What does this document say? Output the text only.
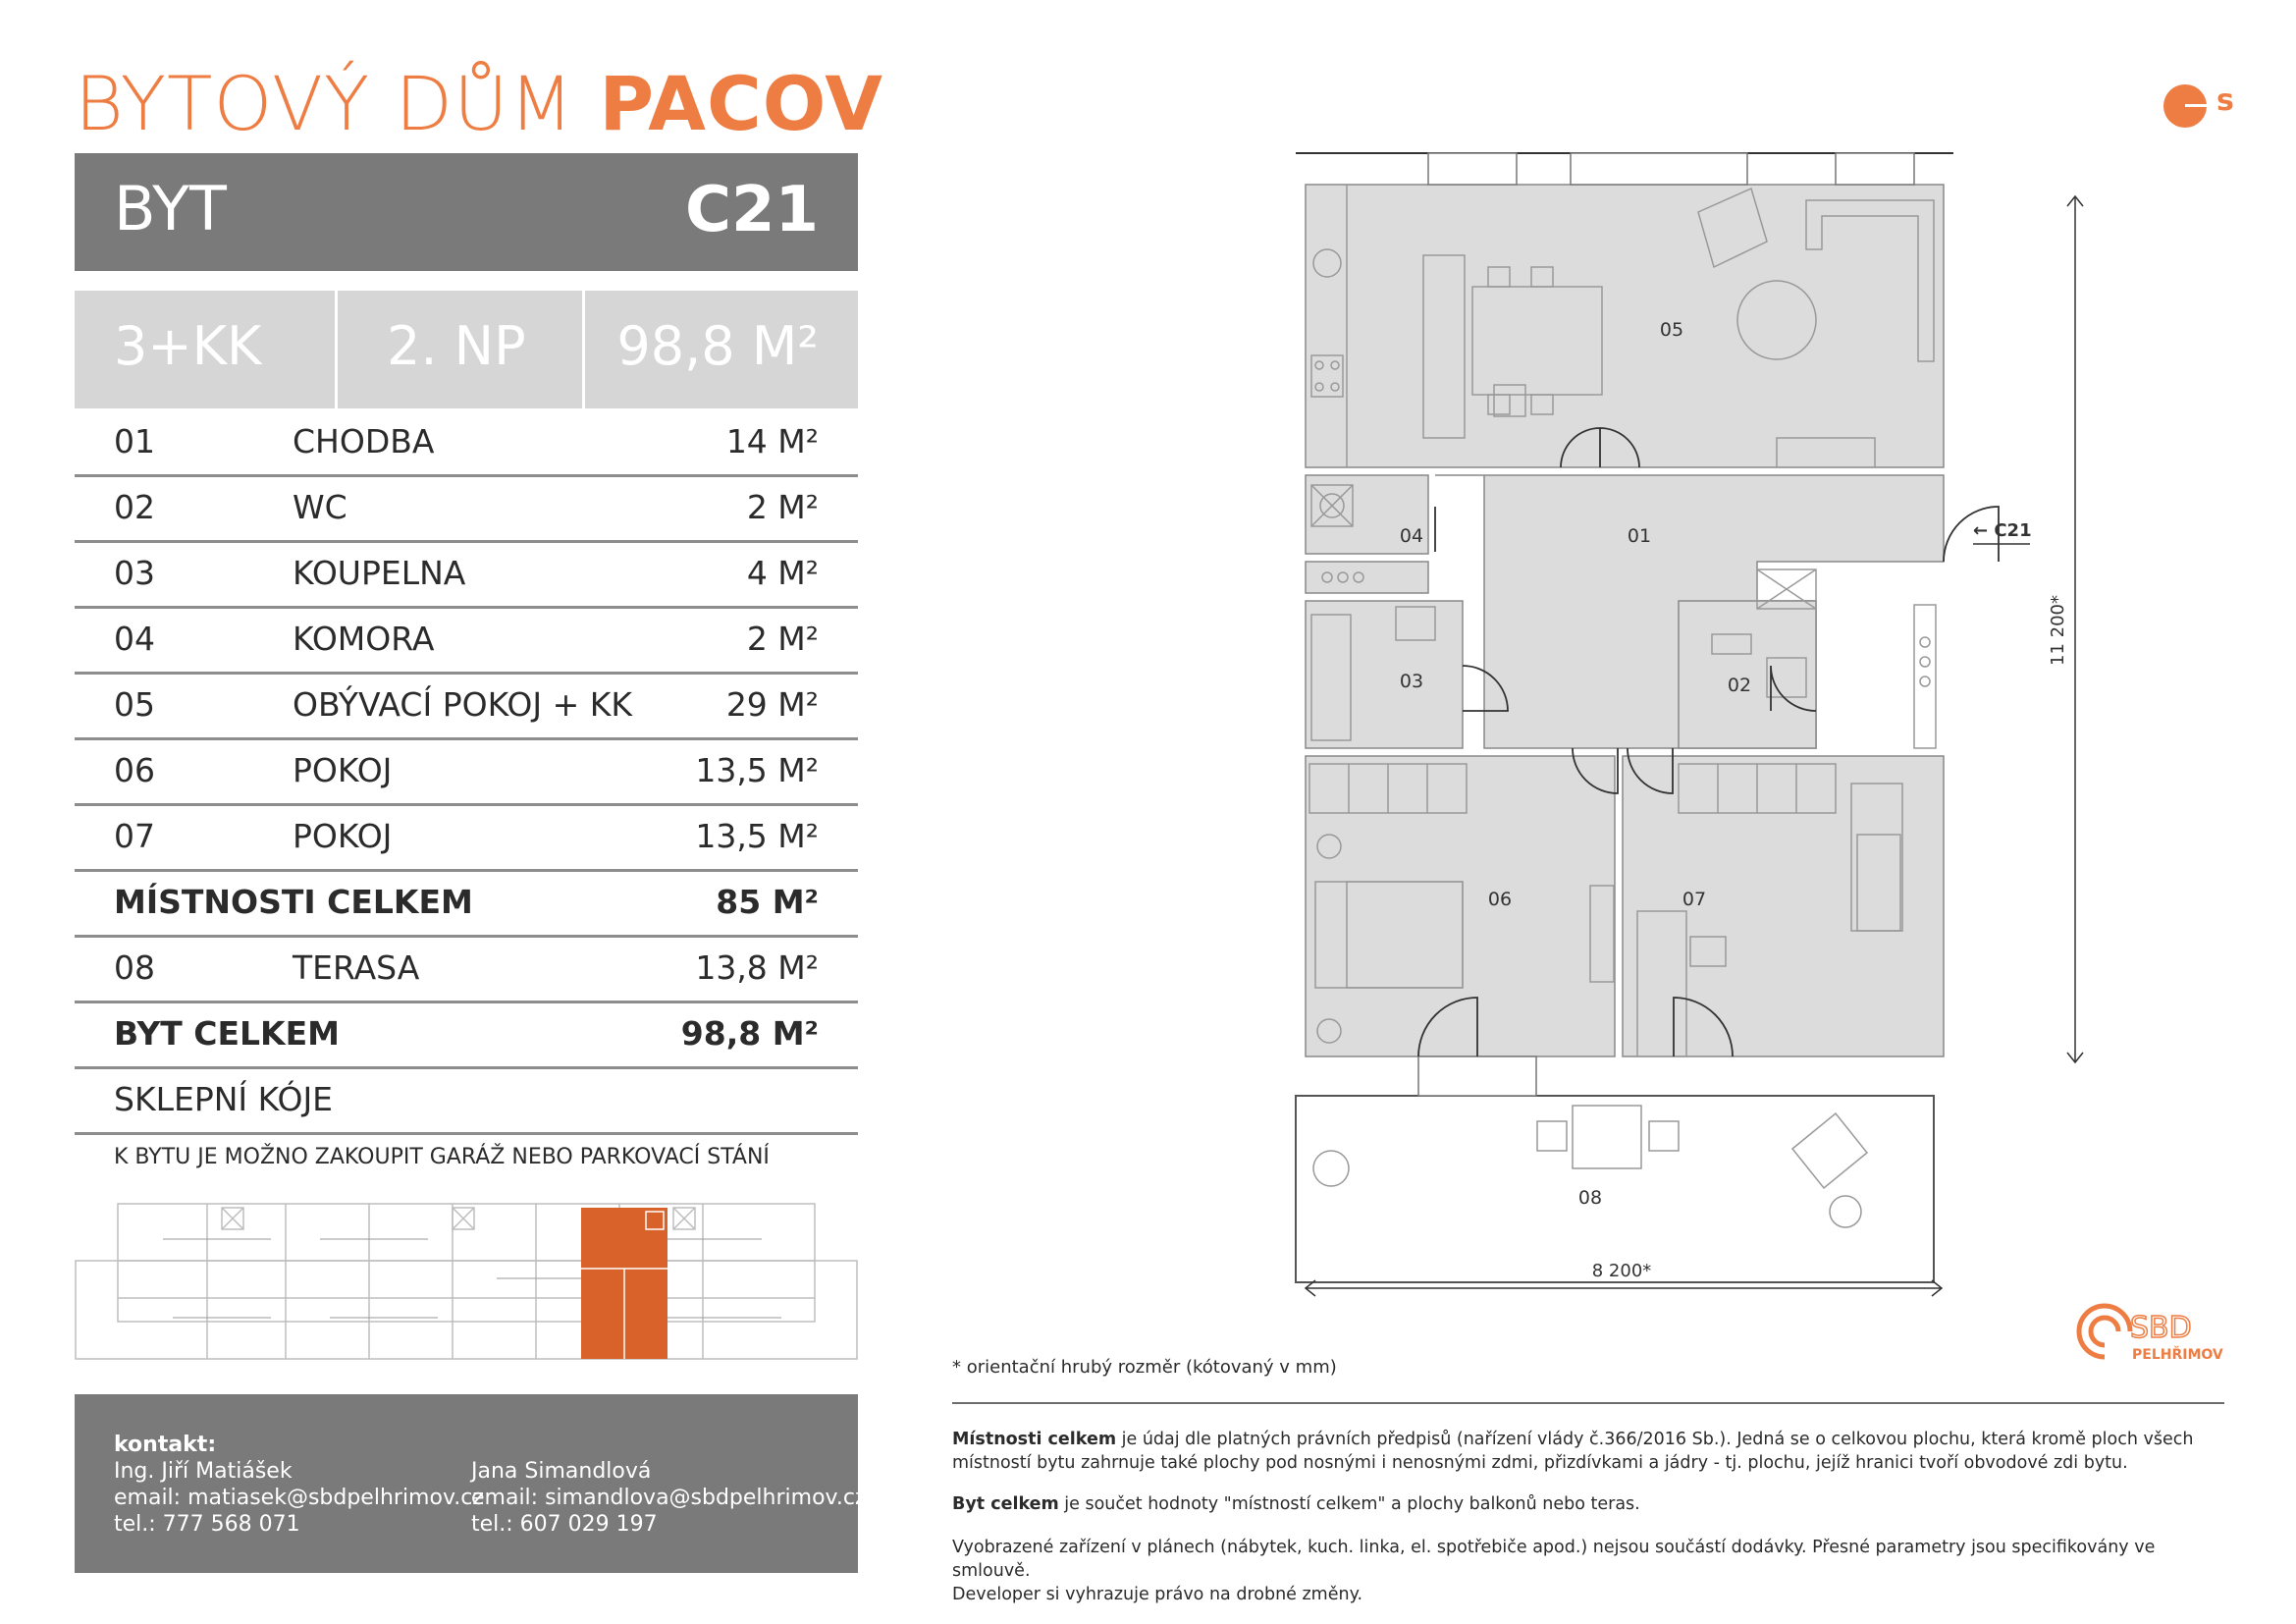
BYTOVÝ DŮM PACOV
BYT	C21
3+KK 2. NP 98,8 M²
01	CHODBA	14 M²
02	WC	2 M²
03	KOUPELNA	4 M²
04	KOMORA	2 M²
05	OBÝVACÍ POKOJ + KK	29 M²
06	POKOJ	13,5 M²
07	POKOJ	13,5 M²
MÍSTNOSTI CELKEM	85 M²
08	TERASA	13,8 M²
BYT CELKEM	98,8 M²
SKLEPNÍ KÓJE
K BYTU JE MOŽNO ZAKOUPIT GARÁŽ NEBO PARKOVACÍ STÁNÍ
kontakt:
Ing. Jiří Matiášek
email: matiasek@sbdpelhrimov.cz
tel.: 777 568 071
Jana Simandlová
email: simandlova@sbdpelhrimov.cz
tel.: 607 029 197
s
05
01
04
03	02
06	07
08
← C21
8 200*
11 200*
SBD
PELHŘIMOV
* orientační hrubý rozměr (kótovaný v mm)
Místnosti celkem je údaj dle platných právních předpisů (nařízení vlády č.366/2016 Sb.). Jedná se o celkovou plochu, která kromě ploch všech
místností bytu zahrnuje také plochy pod nosnými i nenosnými zdmi, přizdívkami a jádry - tj. plochu, jejíž hranici tvoří obvodové zdi bytu.
Byt celkem je součet hodnoty "místností celkem" a plochy balkonů nebo teras.
Vyobrazené zařízení v plánech (nábytek, kuch. linka, el. spotřebiče apod.) nejsou součástí dodávky. Přesné parametry jsou specifikovány ve smlouvě.
Developer si vyhrazuje právo na drobné změny.
